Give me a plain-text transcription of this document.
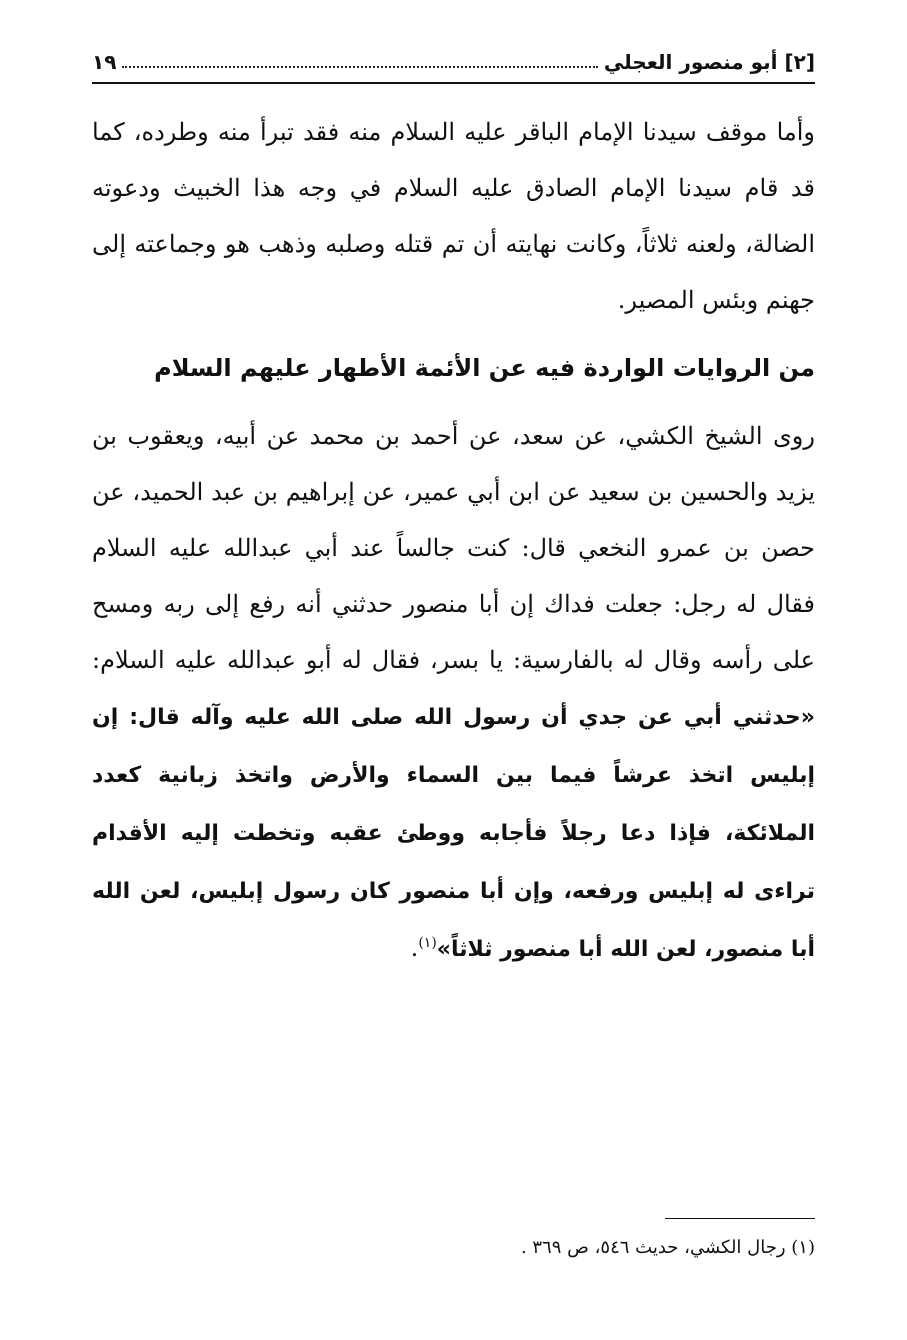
[٢] أبو منصور العجلي
١٩
وأما موقف سيدنا الإمام الباقر عليه السلام منه فقد تبرأ منه وطرده، كما قد قام سيدنا الإمام الصادق عليه السلام في وجه هذا الخبيث ودعوته الضالة، ولعنه ثلاثاً، وكانت نهايته أن تم قتله وصلبه وذهب هو وجماعته إلى جهنم وبئس المصير.
من الروايات الواردة فيه عن الأئمة الأطهار عليهم السلام
روى الشيخ الكشي، عن سعد، عن أحمد بن محمد عن أبيه، ويعقوب بن يزيد والحسين بن سعيد عن ابن أبي عمير، عن إبراهيم بن عبد الحميد، عن حصن بن عمرو النخعي قال: كنت جالساً عند أبي عبدالله عليه السلام فقال له رجل: جعلت فداك إن أبا منصور حدثني أنه رفع إلى ربه ومسح على رأسه وقال له بالفارسية: يا بسر، فقال له أبو عبدالله عليه السلام: «حدثني أبي عن جدي أن رسول الله صلى الله عليه وآله قال: إن إبليس اتخذ عرشاً فيما بين السماء والأرض واتخذ زبانية كعدد الملائكة، فإذا دعا رجلاً فأجابه ووطئ عقبه وتخطت إليه الأقدام تراءى له إبليس ورفعه، وإن أبا منصور كان رسول إبليس، لعن الله أبا منصور، لعن الله أبا منصور ثلاثاً»$^{(١)}$.
(١) رجال الكشي، حديث ٥٤٦، ص ٣٦٩ .
